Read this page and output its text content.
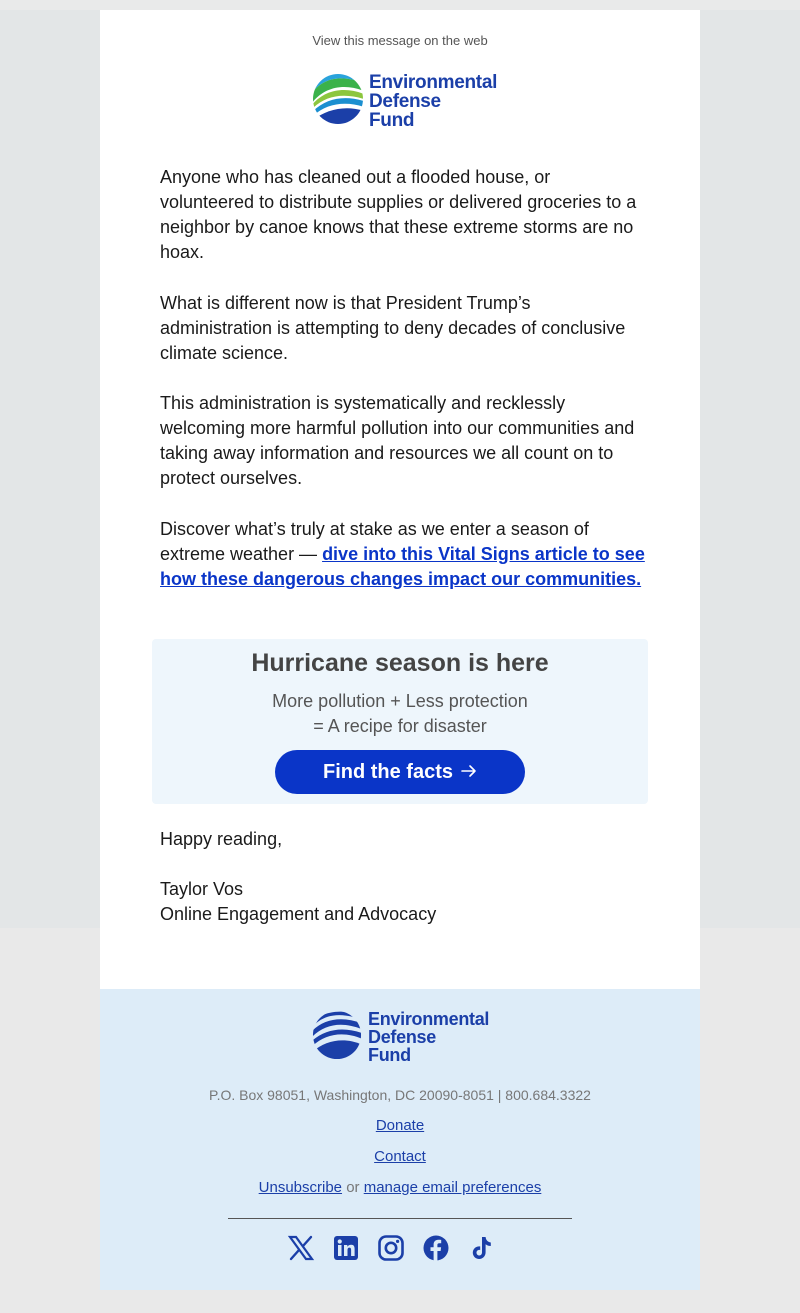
View this message on the web
Environmental
Defense
Fund

Anyone who has cleaned out a flooded house, or volunteered to distribute supplies or delivered groceries to a neighbor by canoe knows that these extreme storms are no hoax.

What is different now is that President Trump’s administration is attempting to deny decades of conclusive climate science.

This administration is systematically and recklessly welcoming more harmful pollution into our communities and taking away information and resources we all count on to protect ourselves.

Discover what’s truly at stake as we enter a season of extreme weather — dive into this Vital Signs article to see how these dangerous changes impact our communities.

Hurricane season is here
More pollution + Less protection
= A recipe for disaster
Find the facts
Happy reading,
Taylor Vos
Online Engagement and Advocacy
Environmental
Defense
Fund
P.O. Box 98051, Washington, DC 20090-8051 | 800.684.3322
Donate
Contact
Unsubscribe or manage email preferences
